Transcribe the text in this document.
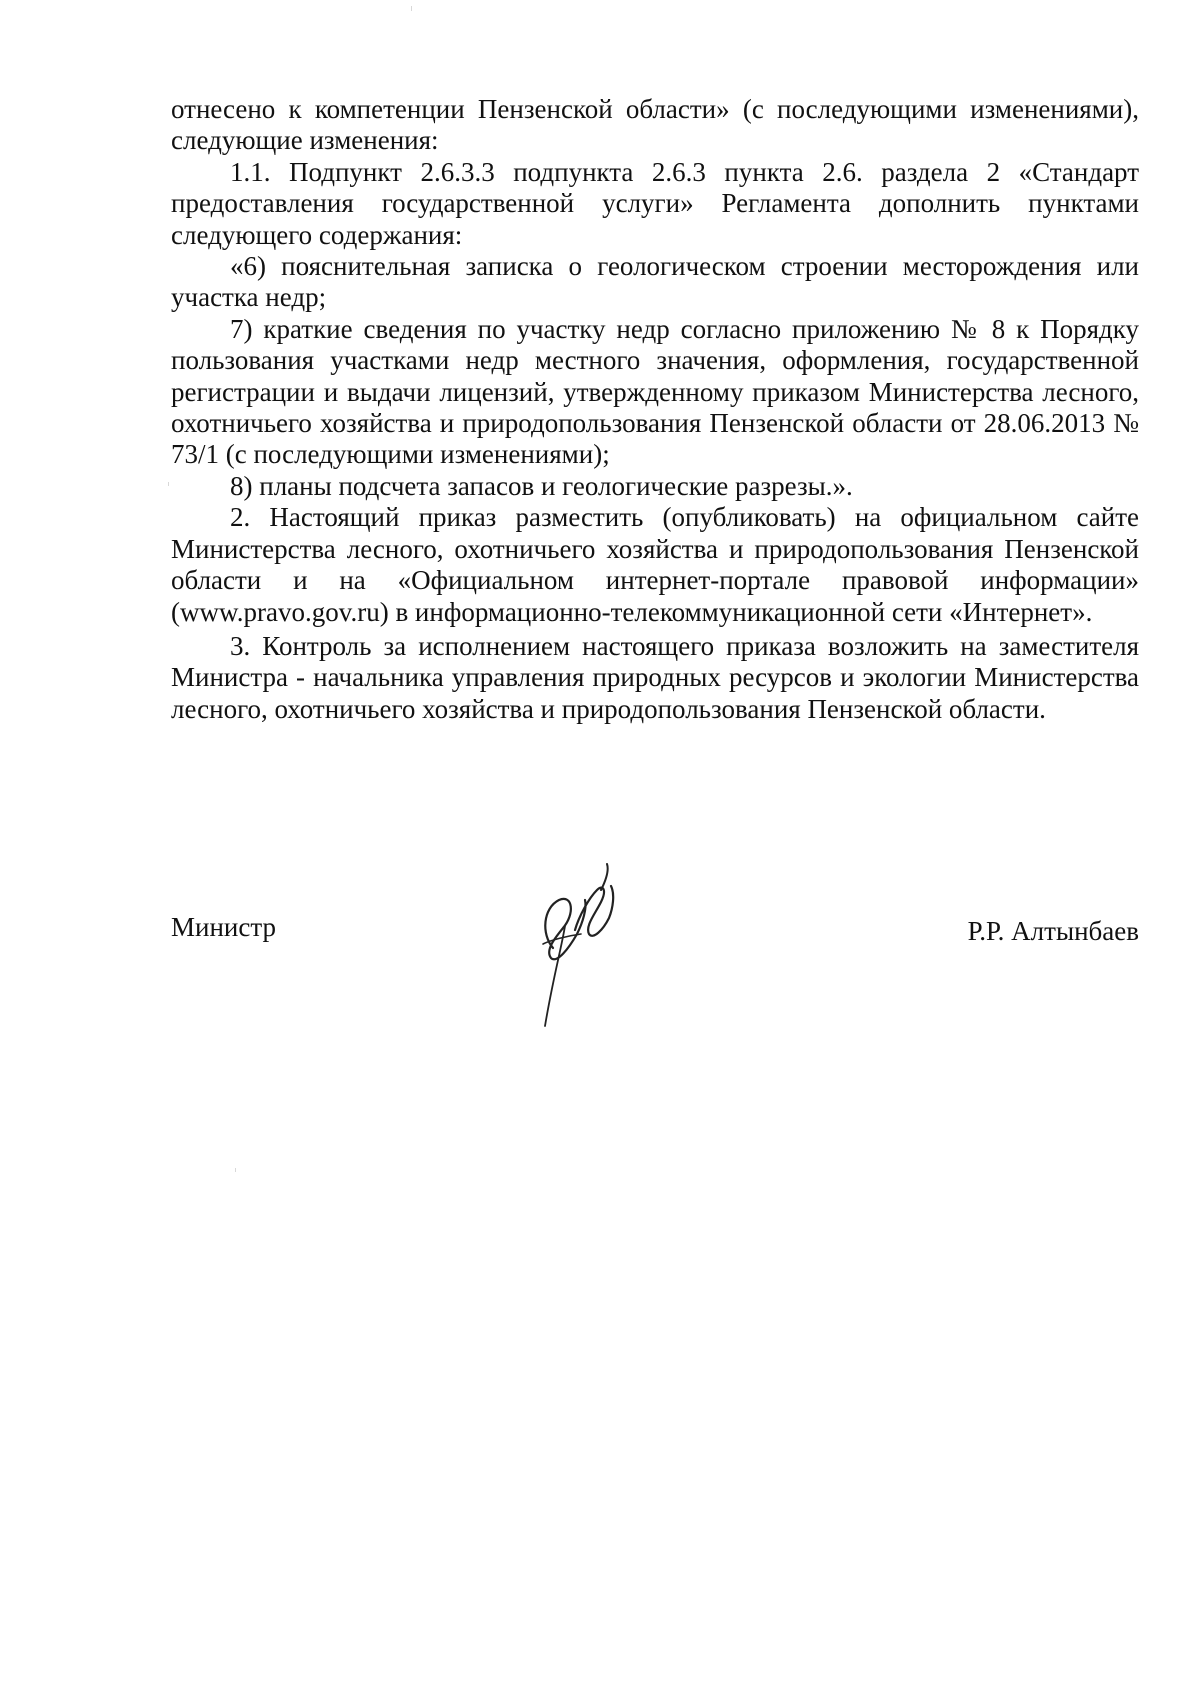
отнесено к компетенции Пензенской области» (с последующими изменениями), следующие изменения:

1.1. Подпункт 2.6.3.3 подпункта 2.6.3 пункта 2.6. раздела 2 «Стандарт предоставления государственной услуги» Регламента дополнить пунктами следующего содержания:

«6) пояснительная записка о геологическом строении месторождения или участка недр;

7) краткие сведения по участку недр согласно приложению № 8 к Порядку пользования участками недр местного значения, оформления, государственной регистрации и выдачи лицензий, утвержденному приказом Министерства лесного, охотничьего хозяйства и природопользования Пензенской области от 28.06.2013 № 73/1 (с последующими изменениями);

8) планы подсчета запасов и геологические разрезы.».

2. Настоящий приказ разместить (опубликовать) на официальном сайте Министерства лесного, охотничьего хозяйства и природопользования Пензенской области и на «Официальном интернет-портале правовой информации» (www.pravo.gov.ru) в информационно-телекоммуникационной сети «Интернет».

3. Контроль за исполнением настоящего приказа возложить на заместителя Министра - начальника управления природных ресурсов и экологии Министерства лесного, охотничьего хозяйства и природопользования Пензенской области.

Министр	Р.Р. Алтынбаев
